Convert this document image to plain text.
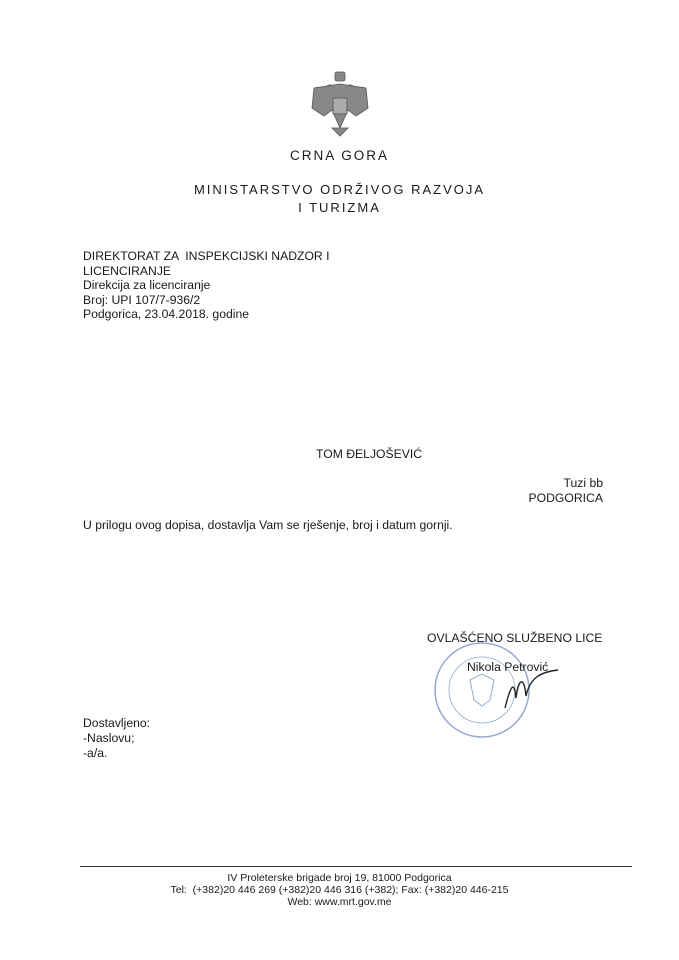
CRNA GORA
MINISTARSTVO ODRŽIVOG RAZVOJA
I TURIZMA
DIREKTORAT ZA  INSPEKCIJSKI NADZOR I
LICENCIRANJE
Direkcija za licenciranje
Broj: UPI 107/7-936/2
Podgorica, 23.04.2018. godine
TOM ĐELJOŠEVIĆ
Tuzi bb
PODGORICA
U prilogu ovog dopisa, dostavlja Vam se rješenje, broj i datum gornji.
OVLAŠĆENO SLUŽBENO LICE
Nikola Petrović
Dostavljeno:
-Naslovu;
-a/a.
IV Proleterske brigade broj 19, 81000 Podgorica
Tel:  (+382)20 446 269 (+382)20 446 316 (+382); Fax: (+382)20 446-215
Web: www.mrt.gov.me
